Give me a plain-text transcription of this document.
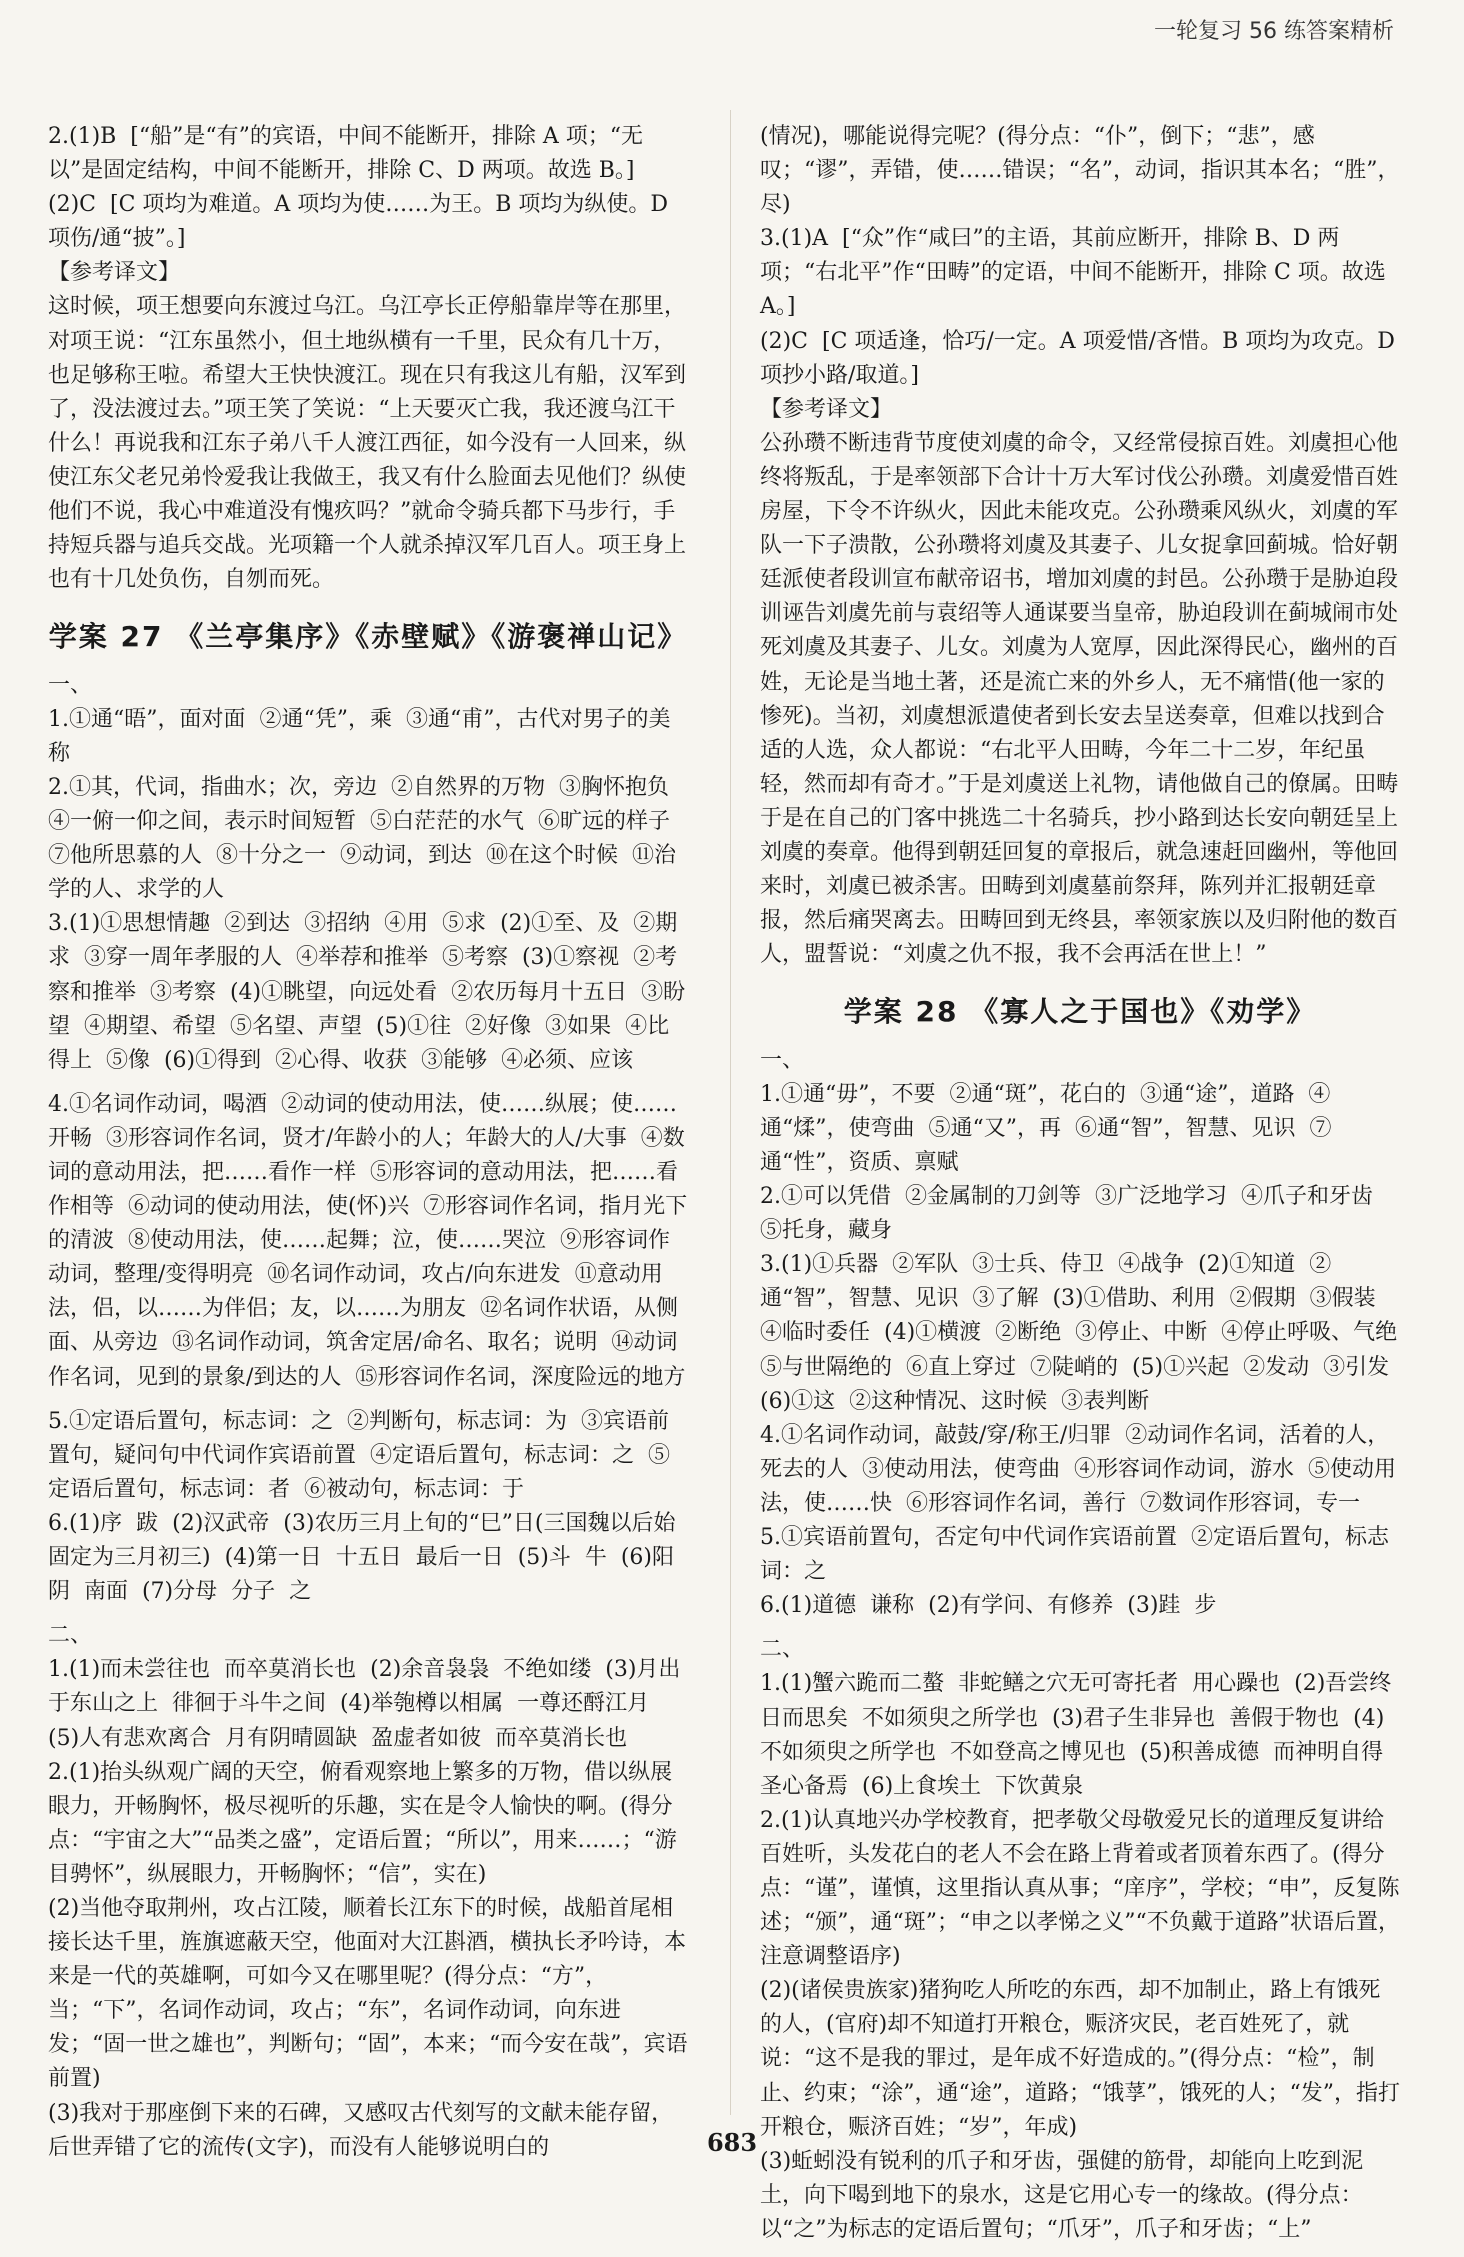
一轮复习 56 练答案精析

2.(1)B  [“船”是“有”的宾语，中间不能断开，排除 A 项；“无以”是固定结构，中间不能断开，排除 C、D 两项。故选 B。]
(2)C  [C 项均为难道。A 项均为使……为王。B 项均为纵使。D 项伤/通“披”。]
【参考译文】
这时候，项王想要向东渡过乌江。乌江亭长正停船靠岸等在那里，对项王说：“江东虽然小，但土地纵横有一千里，民众有几十万，也足够称王啦。希望大王快快渡江。现在只有我这儿有船，汉军到了，没法渡过去。”项王笑了笑说：“上天要灭亡我，我还渡乌江干什么！再说我和江东子弟八千人渡江西征，如今没有一人回来，纵使江东父老兄弟怜爱我让我做王，我又有什么脸面去见他们？纵使他们不说，我心中难道没有愧疚吗？”就命令骑兵都下马步行，手持短兵器与追兵交战。光项籍一个人就杀掉汉军几百人。项王身上也有十几处负伤，自刎而死。

学案 27 《兰亭集序》《赤壁赋》《游褒禅山记》

一、
1.①通“晤”，面对面  ②通“凭”，乘  ③通“甫”，古代对男子的美称
2.①其，代词，指曲水；次，旁边  ②自然界的万物  ③胸怀抱负  ④一俯一仰之间，表示时间短暂  ⑤白茫茫的水气  ⑥旷远的样子  ⑦他所思慕的人  ⑧十分之一  ⑨动词，到达  ⑩在这个时候  ⑪治学的人、求学的人
3.(1)①思想情趣  ②到达  ③招纳  ④用  ⑤求  (2)①至、及  ②期求  ③穿一周年孝服的人  ④举荐和推举  ⑤考察  (3)①察视  ②考察和推举  ③考察  (4)①眺望，向远处看  ②农历每月十五日  ③盼望  ④期望、希望  ⑤名望、声望  (5)①往  ②好像  ③如果  ④比得上  ⑤像  (6)①得到  ②心得、收获  ③能够  ④必须、应该

4.①名词作动词，喝酒  ②动词的使动用法，使……纵展；使……开畅  ③形容词作名词，贤才/年龄小的人；年龄大的人/大事  ④数词的意动用法，把……看作一样  ⑤形容词的意动用法，把……看作相等  ⑥动词的使动用法，使(怀)兴  ⑦形容词作名词，指月光下的清波  ⑧使动用法，使……起舞；泣，使……哭泣  ⑨形容词作动词，整理/变得明亮  ⑩名词作动词，攻占/向东进发  ⑪意动用法，侣，以……为伴侣；友，以……为朋友  ⑫名词作状语，从侧面、从旁边  ⑬名词作动词，筑舍定居/命名、取名；说明  ⑭动词作名词，见到的景象/到达的人  ⑮形容词作名词，深度险远的地方

5.①定语后置句，标志词：之  ②判断句，标志词：为  ③宾语前置句，疑问句中代词作宾语前置  ④定语后置句，标志词：之  ⑤定语后置句，标志词：者  ⑥被动句，标志词：于
6.(1)序  跋  (2)汉武帝  (3)农历三月上旬的“巳”日(三国魏以后始固定为三月初三)  (4)第一日  十五日  最后一日  (5)斗  牛  (6)阳  阴  南面  (7)分母  分子  之

二、
1.(1)而未尝往也  而卒莫消长也  (2)余音袅袅  不绝如缕  (3)月出于东山之上  徘徊于斗牛之间  (4)举匏樽以相属  一尊还酹江月  (5)人有悲欢离合  月有阴晴圆缺  盈虚者如彼  而卒莫消长也
2.(1)抬头纵观广阔的天空，俯看观察地上繁多的万物，借以纵展眼力，开畅胸怀，极尽视听的乐趣，实在是令人愉快的啊。(得分点：“宇宙之大”“品类之盛”，定语后置；“所以”，用来……；“游目骋怀”，纵展眼力，开畅胸怀；“信”，实在)
(2)当他夺取荆州，攻占江陵，顺着长江东下的时候，战船首尾相接长达千里，旌旗遮蔽天空，他面对大江斟酒，横执长矛吟诗，本来是一代的英雄啊，可如今又在哪里呢？(得分点：“方”，当；“下”，名词作动词，攻占；“东”，名词作动词，向东进发；“固一世之雄也”，判断句；“固”，本来；“而今安在哉”，宾语前置)
(3)我对于那座倒下来的石碑，又感叹古代刻写的文献未能存留，后世弄错了它的流传(文字)，而没有人能够说明白的

(情况)，哪能说得完呢？(得分点：“仆”，倒下；“悲”，感叹；“谬”，弄错，使……错误；“名”，动词，指识其本名；“胜”，尽)
3.(1)A  [“众”作“咸曰”的主语，其前应断开，排除 B、D 两项；“右北平”作“田畴”的定语，中间不能断开，排除 C 项。故选 A。]
(2)C  [C 项适逢，恰巧/一定。A 项爱惜/吝惜。B 项均为攻克。D 项抄小路/取道。]
【参考译文】
公孙瓒不断违背节度使刘虞的命令，又经常侵掠百姓。刘虞担心他终将叛乱，于是率领部下合计十万大军讨伐公孙瓒。刘虞爱惜百姓房屋，下令不许纵火，因此未能攻克。公孙瓒乘风纵火，刘虞的军队一下子溃散，公孙瓒将刘虞及其妻子、儿女捉拿回蓟城。恰好朝廷派使者段训宣布献帝诏书，增加刘虞的封邑。公孙瓒于是胁迫段训诬告刘虞先前与袁绍等人通谋要当皇帝，胁迫段训在蓟城闹市处死刘虞及其妻子、儿女。刘虞为人宽厚，因此深得民心，幽州的百姓，无论是当地土著，还是流亡来的外乡人，无不痛惜(他一家的惨死)。当初，刘虞想派遣使者到长安去呈送奏章，但难以找到合适的人选，众人都说：“右北平人田畴，今年二十二岁，年纪虽轻，然而却有奇才。”于是刘虞送上礼物，请他做自己的僚属。田畴于是在自己的门客中挑选二十名骑兵，抄小路到达长安向朝廷呈上刘虞的奏章。他得到朝廷回复的章报后，就急速赶回幽州，等他回来时，刘虞已被杀害。田畴到刘虞墓前祭拜，陈列并汇报朝廷章报，然后痛哭离去。田畴回到无终县，率领家族以及归附他的数百人，盟誓说：“刘虞之仇不报，我不会再活在世上！”

学案 28 《寡人之于国也》《劝学》

一、
1.①通“毋”，不要  ②通“斑”，花白的  ③通“途”，道路  ④通“煣”，使弯曲  ⑤通“又”，再  ⑥通“智”，智慧、见识  ⑦通“性”，资质、禀赋
2.①可以凭借  ②金属制的刀剑等  ③广泛地学习  ④爪子和牙齿  ⑤托身，藏身
3.(1)①兵器  ②军队  ③士兵、侍卫  ④战争  (2)①知道  ②通“智”，智慧、见识  ③了解  (3)①借助、利用  ②假期  ③假装  ④临时委任  (4)①横渡  ②断绝  ③停止、中断  ④停止呼吸、气绝  ⑤与世隔绝的  ⑥直上穿过  ⑦陡峭的  (5)①兴起  ②发动  ③引发  (6)①这  ②这种情况、这时候  ③表判断
4.①名词作动词，敲鼓/穿/称王/归罪  ②动词作名词，活着的人，死去的人  ③使动用法，使弯曲  ④形容词作动词，游水  ⑤使动用法，使……快  ⑥形容词作名词，善行  ⑦数词作形容词，专一
5.①宾语前置句，否定句中代词作宾语前置  ②定语后置句，标志词：之
6.(1)道德  谦称  (2)有学问、有修养  (3)跬  步

二、
1.(1)蟹六跪而二螯  非蛇鳝之穴无可寄托者  用心躁也  (2)吾尝终日而思矣  不如须臾之所学也  (3)君子生非异也  善假于物也  (4)不如须臾之所学也  不如登高之博见也  (5)积善成德  而神明自得  圣心备焉  (6)上食埃土  下饮黄泉
2.(1)认真地兴办学校教育，把孝敬父母敬爱兄长的道理反复讲给百姓听，头发花白的老人不会在路上背着或者顶着东西了。(得分点：“谨”，谨慎，这里指认真从事；“庠序”，学校；“申”，反复陈述；“颁”，通“斑”；“申之以孝悌之义”“不负戴于道路”状语后置，注意调整语序)
(2)(诸侯贵族家)猪狗吃人所吃的东西，却不加制止，路上有饿死的人，(官府)却不知道打开粮仓，赈济灾民，老百姓死了，就说：“这不是我的罪过，是年成不好造成的。”(得分点：“检”，制止、约束；“涂”，通“途”，道路；“饿莩”，饿死的人；“发”，指打开粮仓，赈济百姓；“岁”，年成)
(3)蚯蚓没有锐利的爪子和牙齿，强健的筋骨，却能向上吃到泥土，向下喝到地下的泉水，这是它用心专一的缘故。(得分点：以“之”为标志的定语后置句；“爪牙”，爪子和牙齿；“上”

683
